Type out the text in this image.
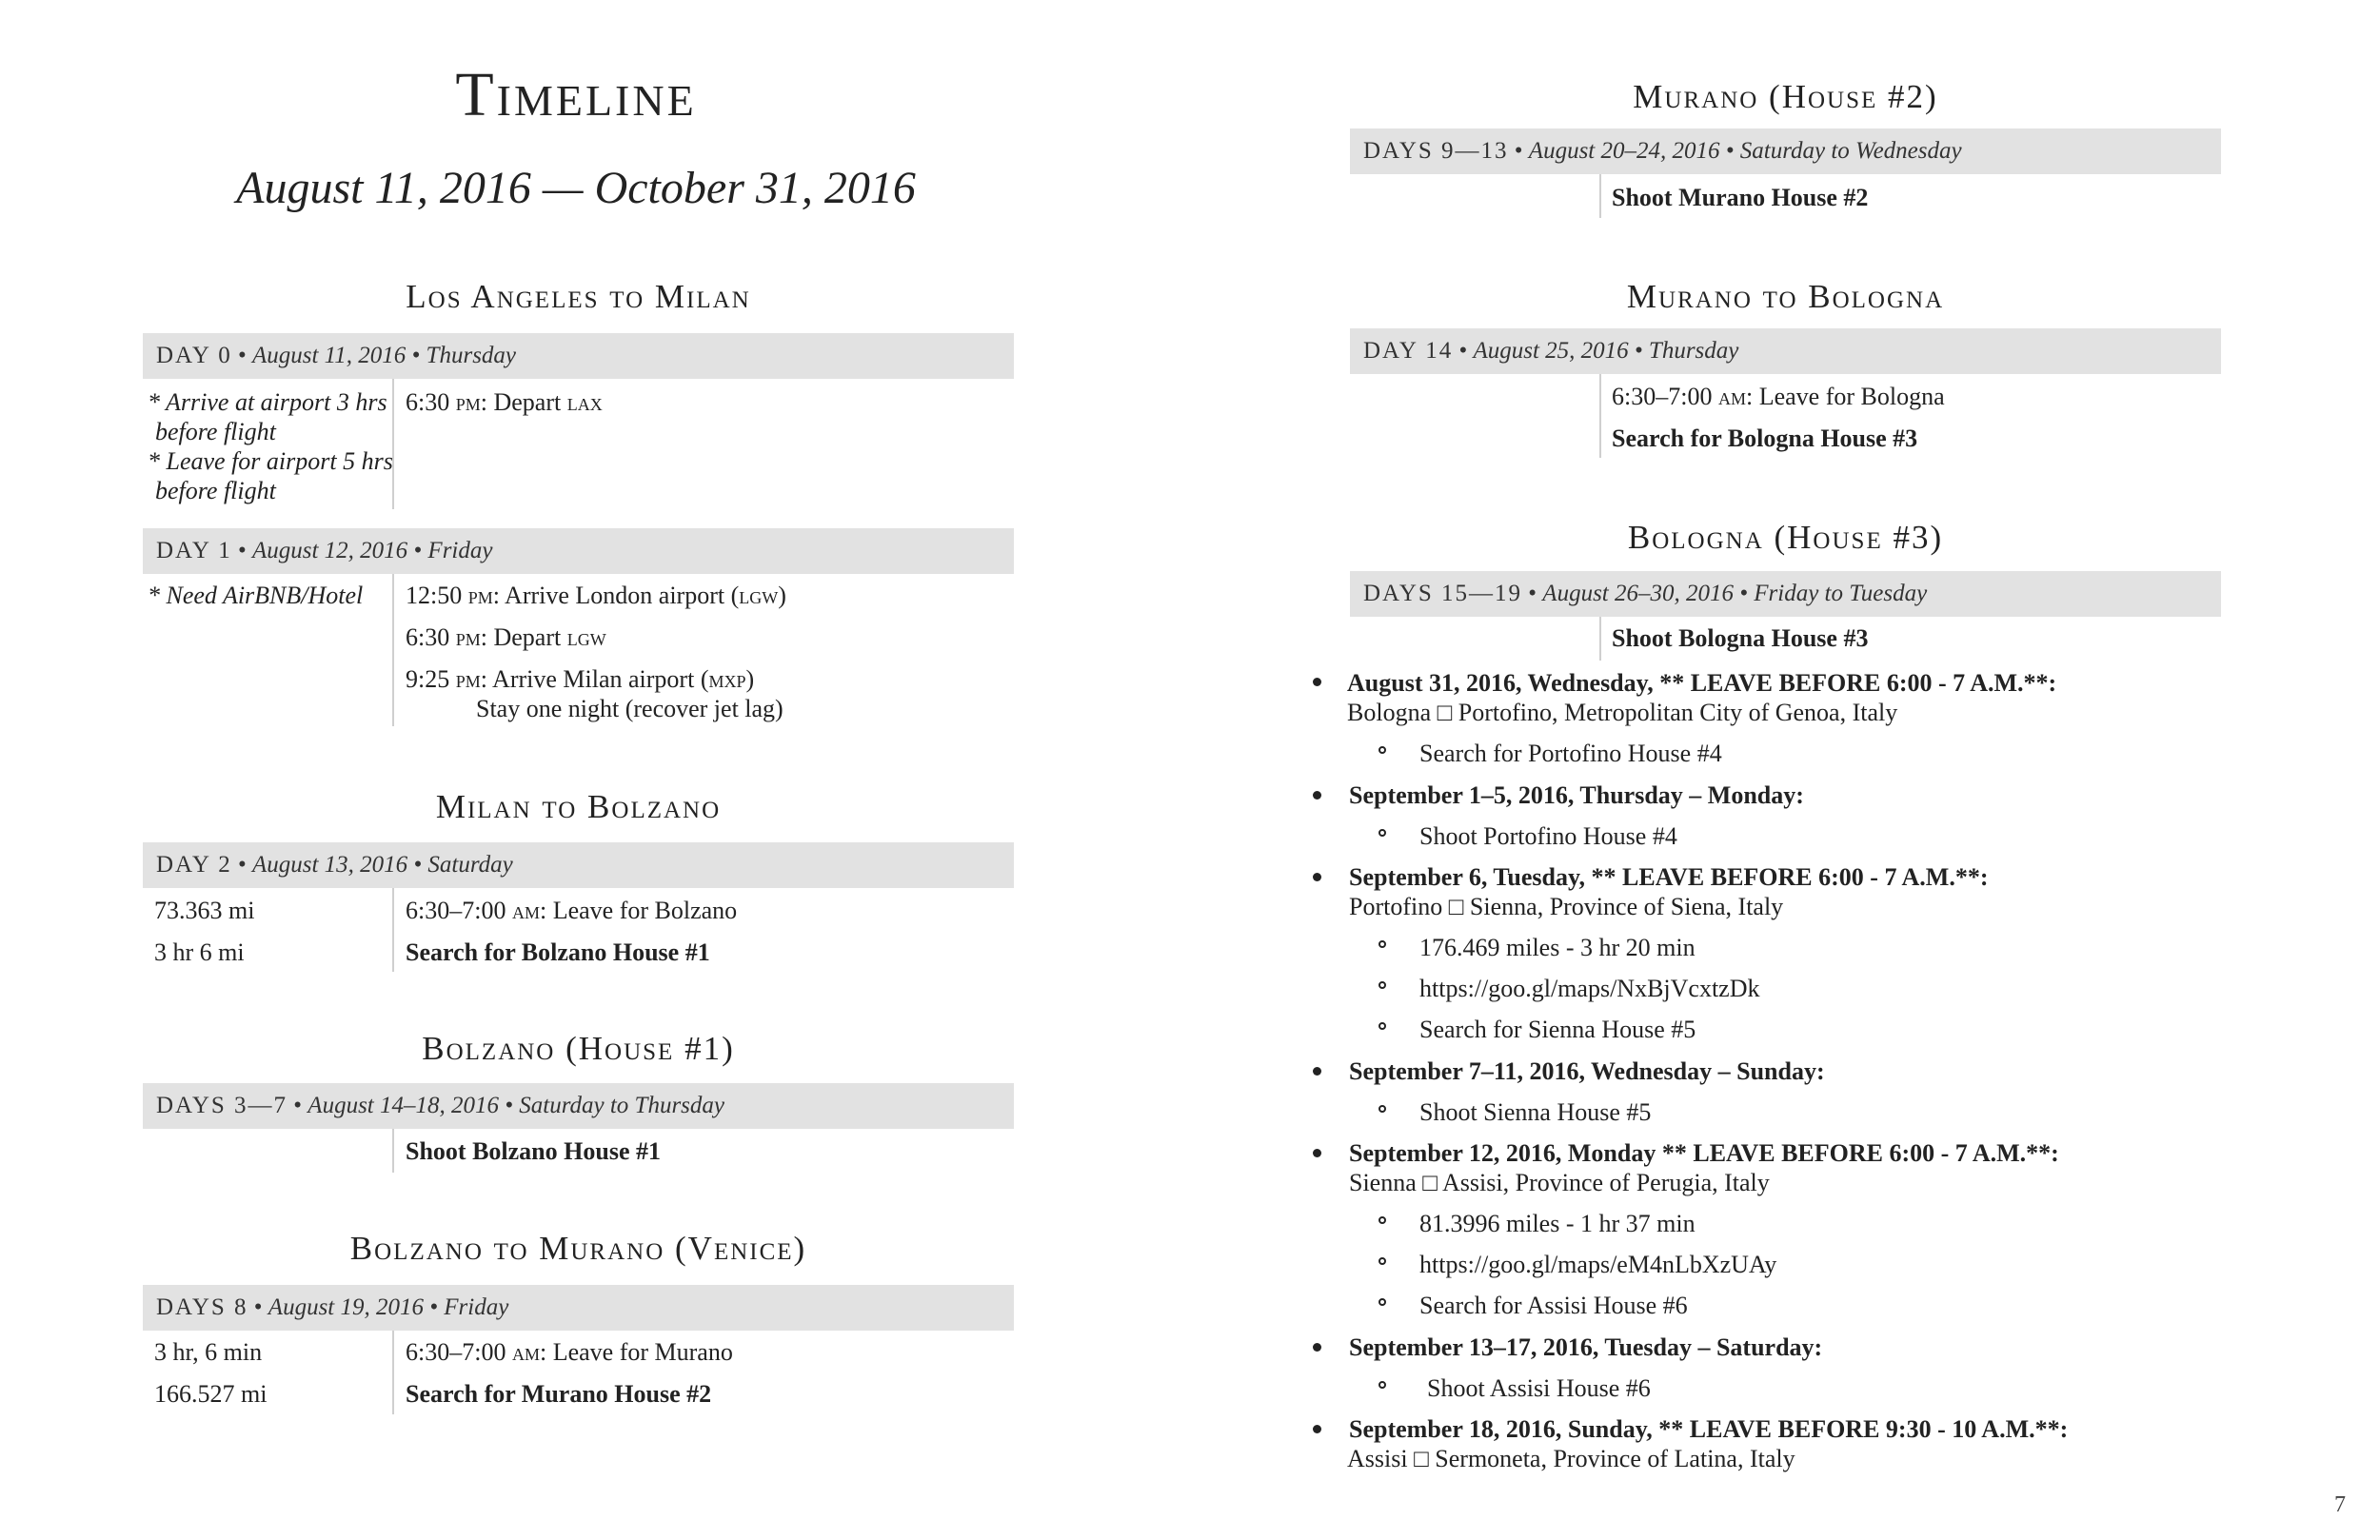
Timeline
August 11, 2016 — October 31, 2016
Los Angeles to Milan
DAY 0 • August 11, 2016 • Thursday
* Arrive at airport 3 hrs
before flight
* Leave for airport 5 hrs
before flight
6:30 pm: Depart lax
DAY 1 • August 12, 2016 • Friday
* Need AirBNB/Hotel 12:50 pm: Arrive London airport (lgw)
6:30 pm: Depart lgw
9:25 pm: Arrive Milan airport (mxp)
Stay one night (recover jet lag)
Milan to Bolzano
DAY 2 • August 13, 2016 • Saturday
73.363 mi
3 hr 6 mi
6:30–7:00 am: Leave for Bolzano
Search for Bolzano House #1
Bolzano (House #1)
DAYS 3—7 • August 14–18, 2016 • Saturday to Thursday
Shoot Bolzano House #1
Bolzano to Murano (Venice)
DAYS 8 • August 19, 2016 • Friday
3 hr, 6 min
166.527 mi
6:30–7:00 am: Leave for Murano
Search for Murano House #2
Murano (House #2)
DAYS 9—13 • August 20–24, 2016 • Saturday to Wednesday
Shoot Murano House #2
Murano to Bologna
DAY 14 • August 25, 2016 • Thursday
6:30–7:00 am: Leave for Bologna
Search for Bologna House #3
Bologna (House #3)
DAYS 15—19 • August 26–30, 2016 • Friday to Tuesday
Shoot Bologna House #3
August 31, 2016, Wednesday, ** LEAVE BEFORE 6:00 - 7 A.M.**:
Bologna □ Portofino, Metropolitan City of Genoa, Italy
Search for Portofino House #4
September 1–5, 2016, Thursday – Monday:
Shoot Portofino House #4
September 6, Tuesday, ** LEAVE BEFORE 6:00 - 7 A.M.**:
Portofino □ Sienna, Province of Siena, Italy
176.469 miles - 3 hr 20 min
https://goo.gl/maps/NxBjVcxtzDk
Search for Sienna House #5
September 7–11, 2016, Wednesday – Sunday:
Shoot Sienna House #5
September 12, 2016, Monday ** LEAVE BEFORE 6:00 - 7 A.M.**:
Sienna □ Assisi, Province of Perugia, Italy
81.3996 miles - 1 hr 37 min
https://goo.gl/maps/eM4nLbXzUAy
Search for Assisi House #6
September 13–17, 2016, Tuesday – Saturday:
Shoot Assisi House #6
September 18, 2016, Sunday, ** LEAVE BEFORE 9:30 - 10 A.M.**:
Assisi □ Sermoneta, Province of Latina, Italy
7
